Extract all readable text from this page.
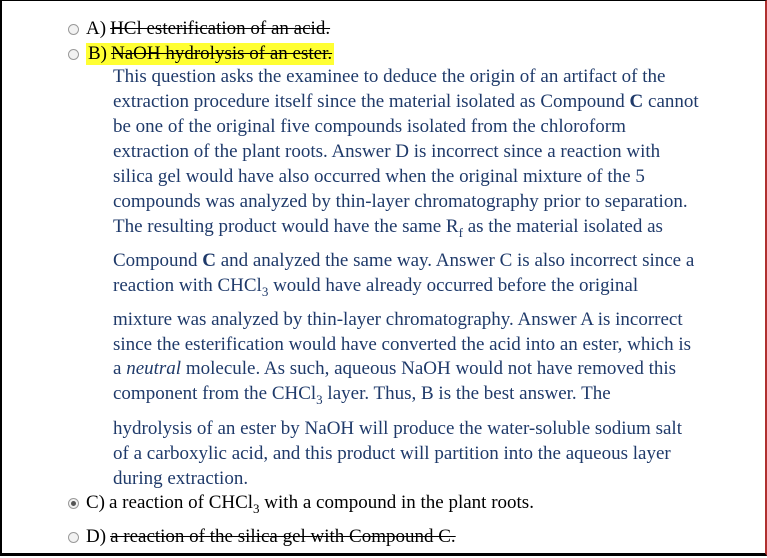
A) HCl esterification of an acid.
B) NaOH hydrolysis of an ester.
This question asks the examinee to deduce the origin of an artifact of the
extraction procedure itself since the material isolated as Compound C cannot
be one of the original five compounds isolated from the chloroform
extraction of the plant roots. Answer D is incorrect since a reaction with
silica gel would have also occurred when the original mixture of the 5
compounds was analyzed by thin-layer chromatography prior to separation.
The resulting product would have the same $R_f$ as the material isolated as
Compound C and analyzed the same way. Answer C is also incorrect since a
reaction with CHCl$_3$ would have already occurred before the original
mixture was analyzed by thin-layer chromatography. Answer A is incorrect
since the esterification would have converted the acid into an ester, which is
a neutral molecule. As such, aqueous NaOH would not have removed this
component from the CHCl$_3$ layer. Thus, B is the best answer. The
hydrolysis of an ester by NaOH will produce the water-soluble sodium salt
of a carboxylic acid, and this product will partition into the aqueous layer
during extraction.
C) a reaction of CHCl$_3$ with a compound in the plant roots.
D) a reaction of the silica gel with Compound C.
